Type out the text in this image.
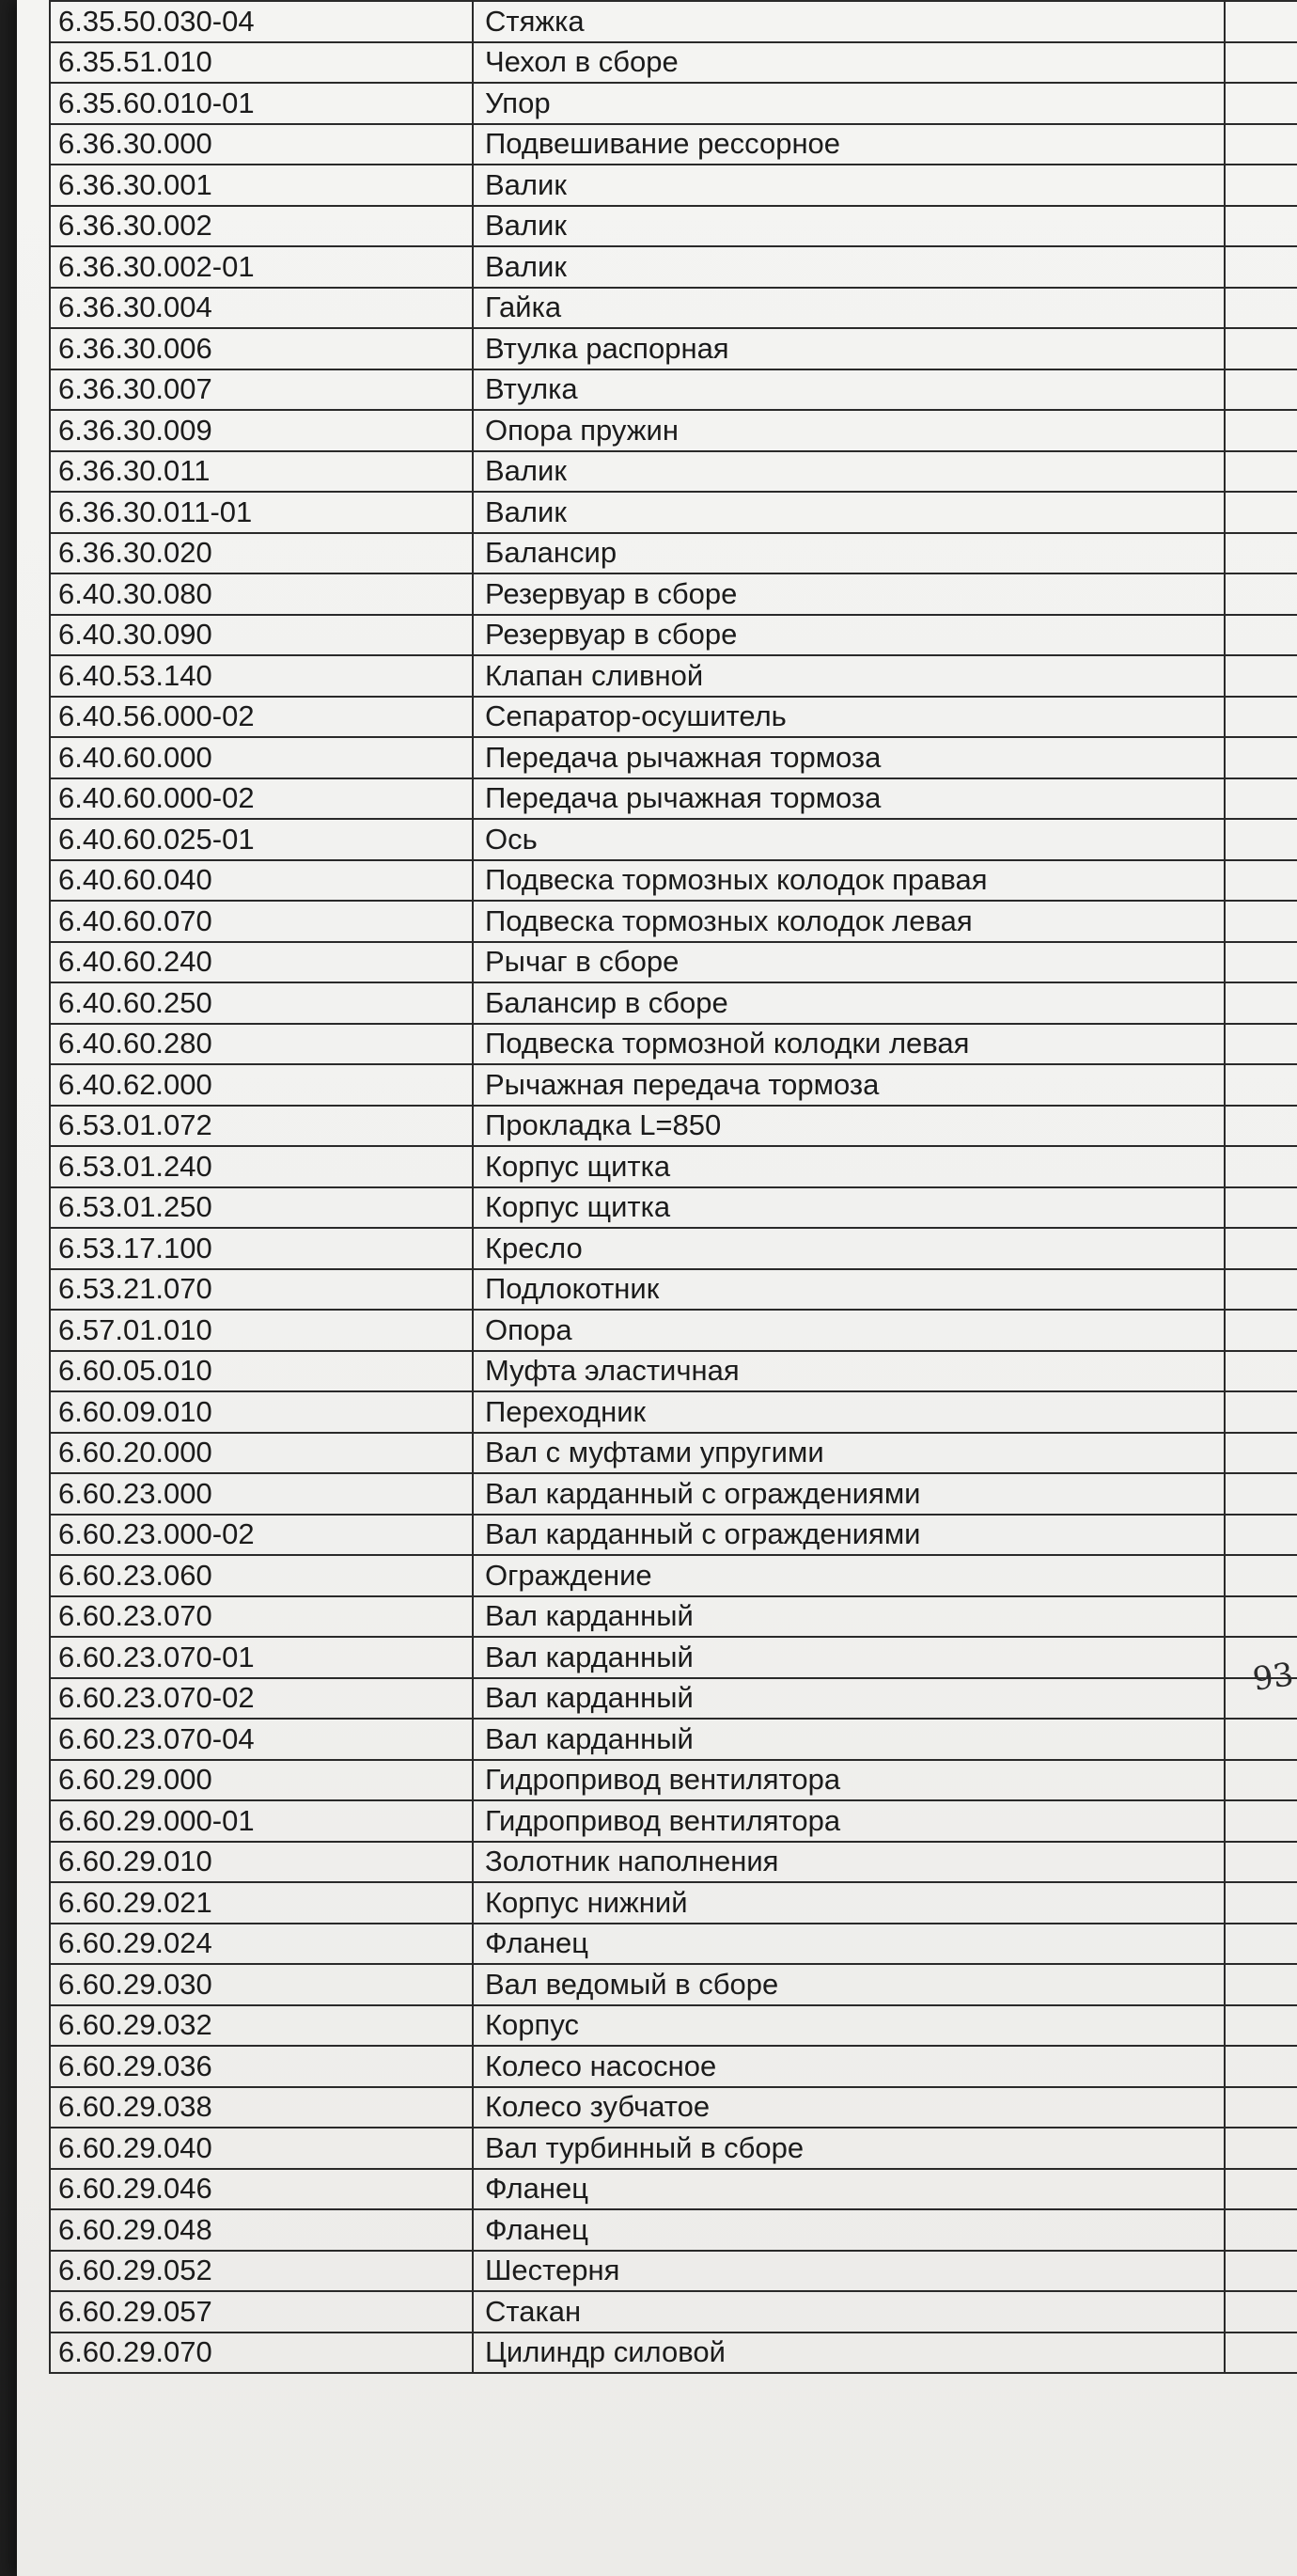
6.35.50.030-04	Стяжка	
6.35.51.010	Чехол в сборе	
6.35.60.010-01	Упор	
6.36.30.000	Подвешивание рессорное	
6.36.30.001	Валик	
6.36.30.002	Валик	
6.36.30.002-01	Валик	
6.36.30.004	Гайка	
6.36.30.006	Втулка распорная	
6.36.30.007	Втулка	
6.36.30.009	Опора пружин	
6.36.30.011	Валик	
6.36.30.011-01	Валик	
6.36.30.020	Балансир	
6.40.30.080	Резервуар в сборе	
6.40.30.090	Резервуар в сборе	
6.40.53.140	Клапан сливной	
6.40.56.000-02	Сепаратор-осушитель	
6.40.60.000	Передача рычажная тормоза	
6.40.60.000-02	Передача рычажная тормоза	
6.40.60.025-01	Ось	
6.40.60.040	Подвеска тормозных колодок правая	
6.40.60.070	Подвеска тормозных колодок левая	
6.40.60.240	Рычаг в сборе	
6.40.60.250	Балансир в сборе	
6.40.60.280	Подвеска тормозной колодки левая	
6.40.62.000	Рычажная передача тормоза	
6.53.01.072	Прокладка L=850	
6.53.01.240	Корпус щитка	
6.53.01.250	Корпус щитка	
6.53.17.100	Кресло	
6.53.21.070	Подлокотник	
6.57.01.010	Опора	
6.60.05.010	Муфта эластичная	
6.60.09.010	Переходник	
6.60.20.000	Вал с муфтами упругими	
6.60.23.000	Вал карданный с ограждениями	
6.60.23.000-02	Вал карданный с ограждениями	
6.60.23.060	Ограждение	
6.60.23.070	Вал карданный	
6.60.23.070-01	Вал карданный	
6.60.23.070-02	Вал карданный	
6.60.23.070-04	Вал карданный	
6.60.29.000	Гидропривод вентилятора	
6.60.29.000-01	Гидропривод вентилятора	
6.60.29.010	Золотник наполнения	
6.60.29.021	Корпус нижний	
6.60.29.024	Фланец	
6.60.29.030	Вал ведомый в сборе	
6.60.29.032	Корпус	
6.60.29.036	Колесо насосное	
6.60.29.038	Колесо зубчатое	
6.60.29.040	Вал турбинный в сборе	
6.60.29.046	Фланец	
6.60.29.048	Фланец	
6.60.29.052	Шестерня	
6.60.29.057	Стакан	
6.60.29.070	Цилиндр силовой	
93
